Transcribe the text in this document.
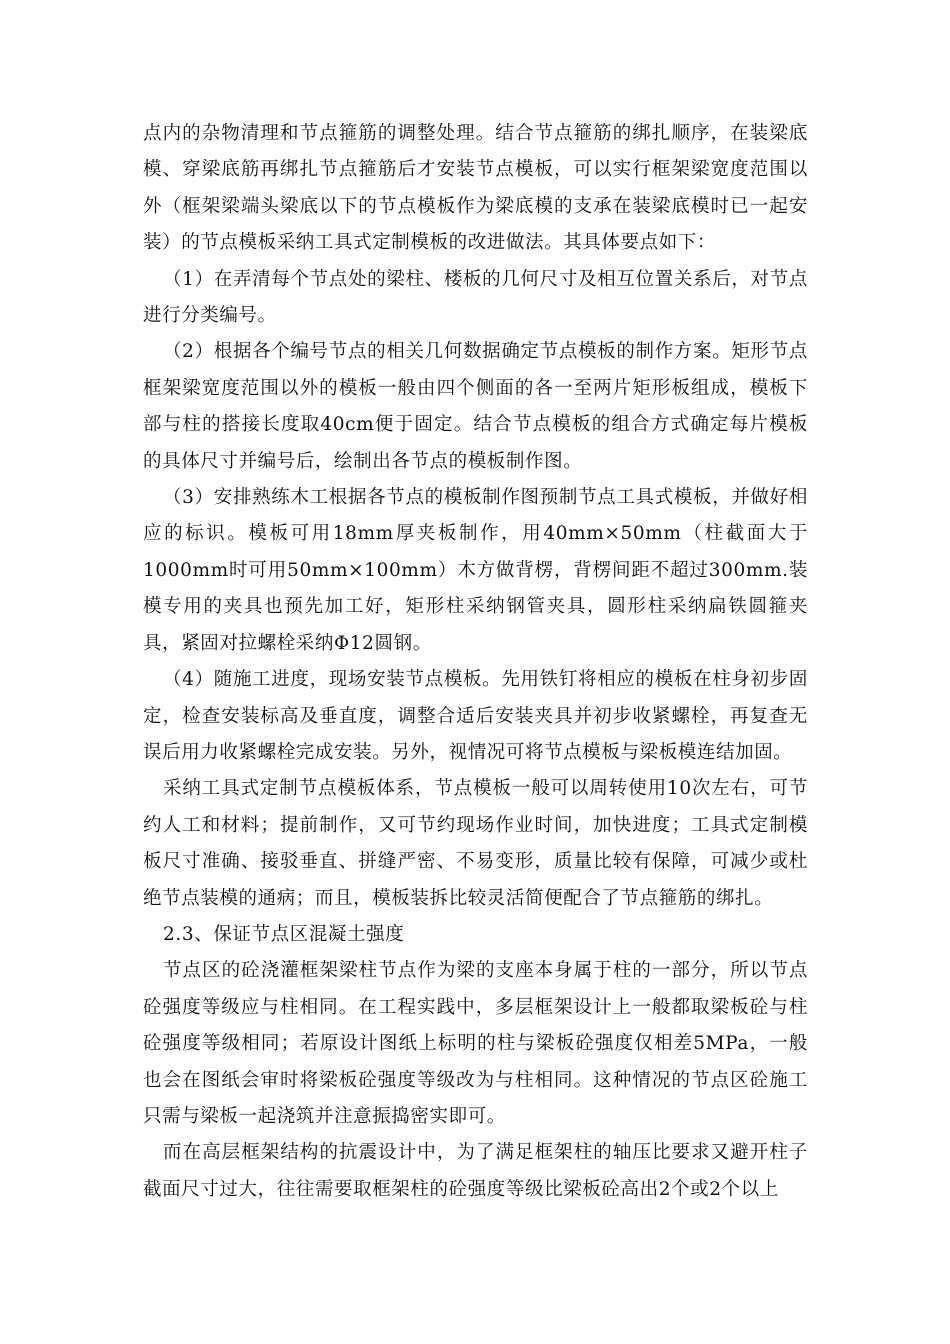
点内的杂物清理和节点箍筋的调整处理。结合节点箍筋的绑扎顺序，在装梁底模、穿梁底筋再绑扎节点箍筋后才安装节点模板，可以实行框架梁宽度范围以外（框架梁端头梁底以下的节点模板作为梁底模的支承在装梁底模时已一起安装）的节点模板采纳工具式定制模板的改进做法。其具体要点如下：

（1）在弄清每个节点处的梁柱、楼板的几何尺寸及相互位置关系后，对节点进行分类编号。

（2）根据各个编号节点的相关几何数据确定节点模板的制作方案。矩形节点框架梁宽度范围以外的模板一般由四个侧面的各一至两片矩形板组成，模板下部与柱的搭接长度取40cm便于固定。结合节点模板的组合方式确定每片模板的具体尺寸并编号后，绘制出各节点的模板制作图。

（3）安排熟练木工根据各节点的模板制作图预制节点工具式模板，并做好相应的标识。模板可用18mm厚夹板制作，用40mm×50mm（柱截面大于1000mm时可用50mm×100mm）木方做背楞，背楞间距不超过300mm.装模专用的夹具也预先加工好，矩形柱采纳钢管夹具，圆形柱采纳扁铁圆箍夹具，紧固对拉螺栓采纳Φ12圆钢。

（4）随施工进度，现场安装节点模板。先用铁钉将相应的模板在柱身初步固定，检查安装标高及垂直度，调整合适后安装夹具并初步收紧螺栓，再复查无误后用力收紧螺栓完成安装。另外，视情况可将节点模板与梁板模连结加固。

采纳工具式定制节点模板体系，节点模板一般可以周转使用10次左右，可节约人工和材料；提前制作，又可节约现场作业时间，加快进度；工具式定制模板尺寸准确、接驳垂直、拼缝严密、不易变形，质量比较有保障，可减少或杜绝节点装模的通病；而且，模板装拆比较灵活简便配合了节点箍筋的绑扎。

2.3、保证节点区混凝土强度

节点区的砼浇灌框架梁柱节点作为梁的支座本身属于柱的一部分，所以节点砼强度等级应与柱相同。在工程实践中，多层框架设计上一般都取梁板砼与柱砼强度等级相同；若原设计图纸上标明的柱与梁板砼强度仅相差5MPa，一般也会在图纸会审时将梁板砼强度等级改为与柱相同。这种情况的节点区砼施工只需与梁板一起浇筑并注意振捣密实即可。

而在高层框架结构的抗震设计中，为了满足框架柱的轴压比要求又避开柱子截面尺寸过大，往往需要取框架柱的砼强度等级比梁板砼高出2个或2个以上
